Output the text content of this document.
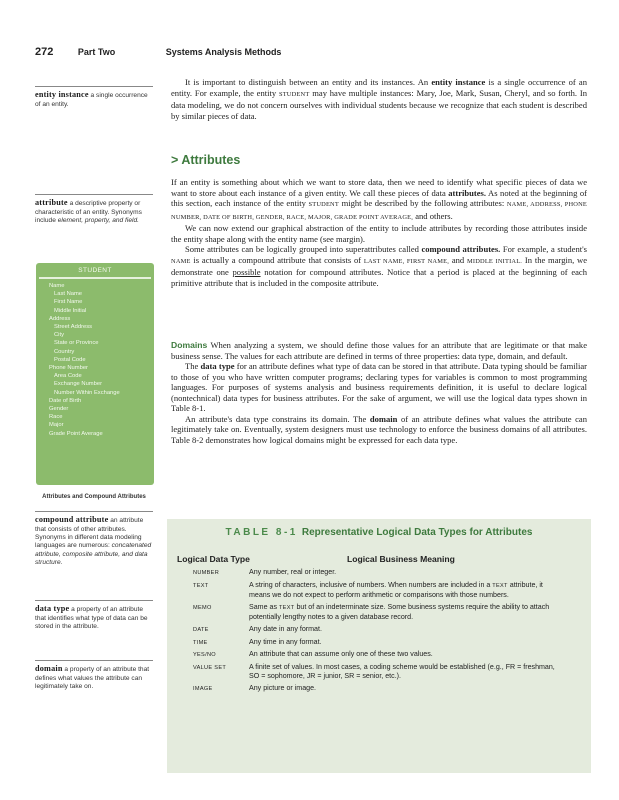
272	Part Two	Systems Analysis Methods
entity instance a single occurrence of an entity.
attribute a descriptive property or characteristic of an entity. Synonyms include element, property, and field.
STUDENT
Name
Last Name
First Name
Middle Initial
Address
Street Address
City
State or Province
Country
Postal Code
Phone Number
Area Code
Exchange Number
Number Within Exchange
Date of Birth
Gender
Race
Major
Grade Point Average
Attributes and Compound Attributes
compound attribute an attribute that consists of other attributes. Synonyms in different data modeling languages are numerous: concatenated attribute, composite attribute, and data structure.
data type a property of an attribute that identifies what type of data can be stored in the attribute.
domain a property of an attribute that defines what values the attribute can legitimately take on.

It is important to distinguish between an entity and its instances. An entity instance is a single occurrence of an entity. For example, the entity STUDENT may have multiple instances: Mary, Joe, Mark, Susan, Cheryl, and so forth. In data modeling, we do not concern ourselves with individual students because we recognize that each student is described by similar pieces of data.

> Attributes

If an entity is something about which we want to store data, then we need to identify what specific pieces of data we want to store about each instance of a given entity. We call these pieces of data attributes. As noted at the beginning of this section, each instance of the entity STUDENT might be described by the following attributes: NAME, ADDRESS, PHONE NUMBER, DATE OF BIRTH, GENDER, RACE, MAJOR, GRADE POINT AVERAGE, and others.

We can now extend our graphical abstraction of the entity to include attributes by recording those attributes inside the entity shape along with the entity name (see margin).

Some attributes can be logically grouped into superattributes called compound attributes. For example, a student's NAME is actually a compound attribute that consists of LAST NAME, FIRST NAME, and MIDDLE INITIAL. In the margin, we demonstrate one possible notation for compound attributes. Notice that a period is placed at the beginning of each primitive attribute that is included in the composite attribute.

Domains When analyzing a system, we should define those values for an attribute that are legitimate or that make business sense. The values for each attribute are defined in terms of three properties: data type, domain, and default.

The data type for an attribute defines what type of data can be stored in that attribute. Data typing should be familiar to those of you who have written computer programs; declaring types for variables is common to most programming languages. For purposes of systems analysis and business requirements definition, it is useful to declare logical (nontechnical) data types for business attributes. For the sake of argument, we will use the logical data types shown in Table 8-1.

An attribute's data type constrains its domain. The domain of an attribute defines what values the attribute can legitimately take on. Eventually, system designers must use technology to enforce the business domains of all attributes. Table 8-2 demonstrates how logical domains might be expressed for each data type.

TABLE 8-1 Representative Logical Data Types for Attributes
Logical Data Type	Logical Business Meaning
NUMBER	Any number, real or integer.
TEXT	A string of characters, inclusive of numbers. When numbers are included in a TEXT attribute, it means we do not expect to perform arithmetic or comparisons with those numbers.
MEMO	Same as TEXT but of an indeterminate size. Some business systems require the ability to attach potentially lengthy notes to a given database record.
DATE	Any date in any format.
TIME	Any time in any format.
YES/NO	An attribute that can assume only one of these two values.
VALUE SET	A finite set of values. In most cases, a coding scheme would be established (e.g., FR = freshman, SO = sophomore, JR = junior, SR = senior, etc.).
IMAGE	Any picture or image.
